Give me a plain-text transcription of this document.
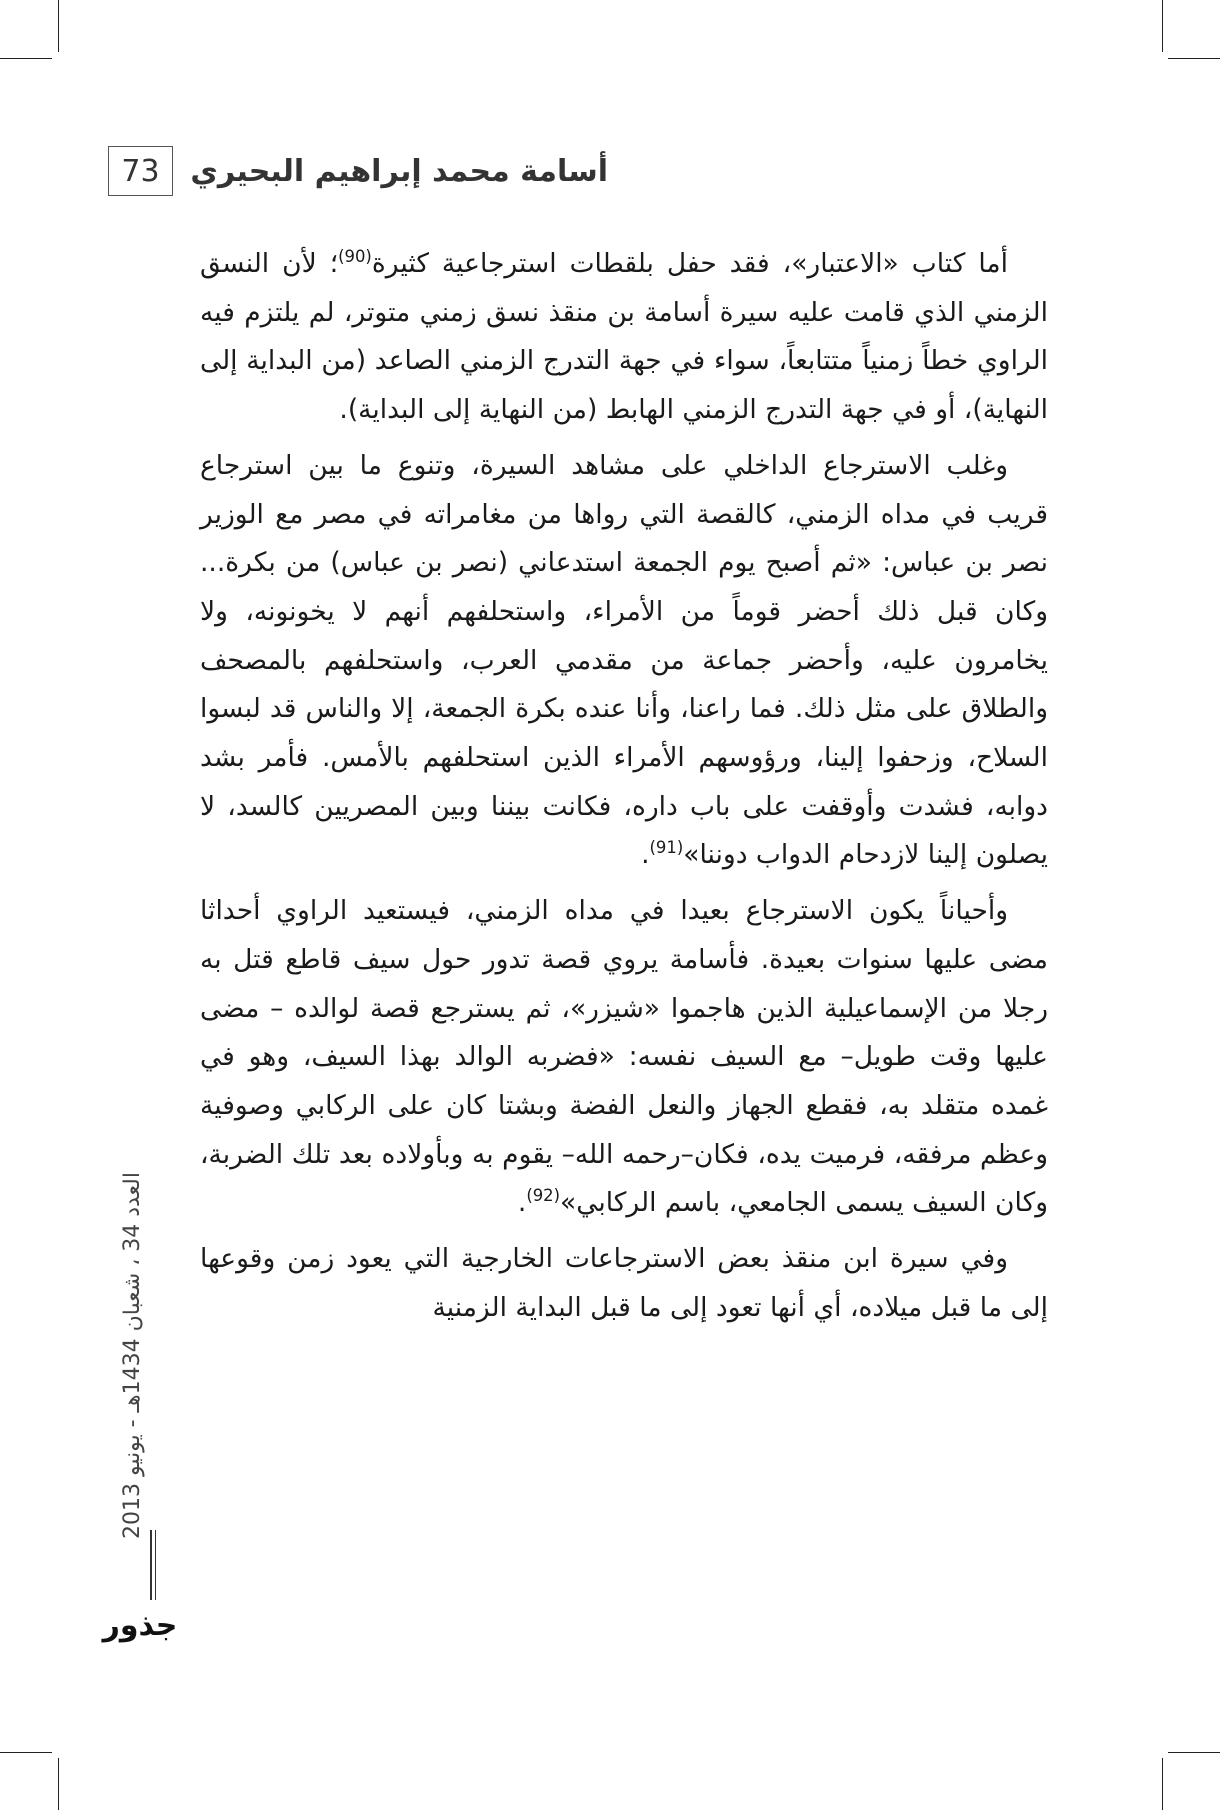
73	أسامة محمد إبراهيم البحيري

أما كتاب «الاعتبار»، فقد حفل بلقطات استرجاعية كثيرة$^{(90)}$؛ لأن النسق الزمني الذي قامت عليه سيرة أسامة بن منقذ نسق زمني متوتر، لم يلتزم فيه الراوي خطاً زمنياً متتابعاً، سواء في جهة التدرج الزمني الصاعد (من البداية إلى النهاية)، أو في جهة التدرج الزمني الهابط (من النهاية إلى البداية).

وغلب الاسترجاع الداخلي على مشاهد السيرة، وتنوع ما بين استرجاع قريب في مداه الزمني، كالقصة التي رواها من مغامراته في مصر مع الوزير نصر بن عباس: «ثم أصبح يوم الجمعة استدعاني (نصر بن عباس) من بكرة... وكان قبل ذلك أحضر قوماً من الأمراء، واستحلفهم أنهم لا يخونونه، ولا يخامرون عليه، وأحضر جماعة من مقدمي العرب، واستحلفهم بالمصحف والطلاق على مثل ذلك. فما راعنا، وأنا عنده بكرة الجمعة، إلا والناس قد لبسوا السلاح، وزحفوا إلينا، ورؤوسهم الأمراء الذين استحلفهم بالأمس. فأمر بشد دوابه، فشدت وأوقفت على باب داره، فكانت بيننا وبين المصريين كالسد، لا يصلون إلينا لازدحام الدواب دوننا»$^{(91)}$.

وأحياناً يكون الاسترجاع بعيدا في مداه الزمني، فيستعيد الراوي أحداثا مضى عليها سنوات بعيدة. فأسامة يروي قصة تدور حول سيف قاطع قتل به رجلا من الإسماعيلية الذين هاجموا «شيزر»، ثم يسترجع قصة لوالده – مضى عليها وقت طويل– مع السيف نفسه: «فضربه الوالد بهذا السيف، وهو في غمده متقلد به، فقطع الجهاز والنعل الفضة وبشتا كان على الركابي وصوفية وعظم مرفقه، فرميت يده، فكان–رحمه الله– يقوم به وبأولاده بعد تلك الضربة، وكان السيف يسمى الجامعي، باسم الركابي»$^{(92)}$.

وفي سيرة ابن منقذ بعض الاسترجاعات الخارجية التي يعود زمن وقوعها إلى ما قبل ميلاده، أي أنها تعود إلى ما قبل البداية الزمنية

العدد 34 ، شعبان 1434هـ - يونيو 2013
جذور
